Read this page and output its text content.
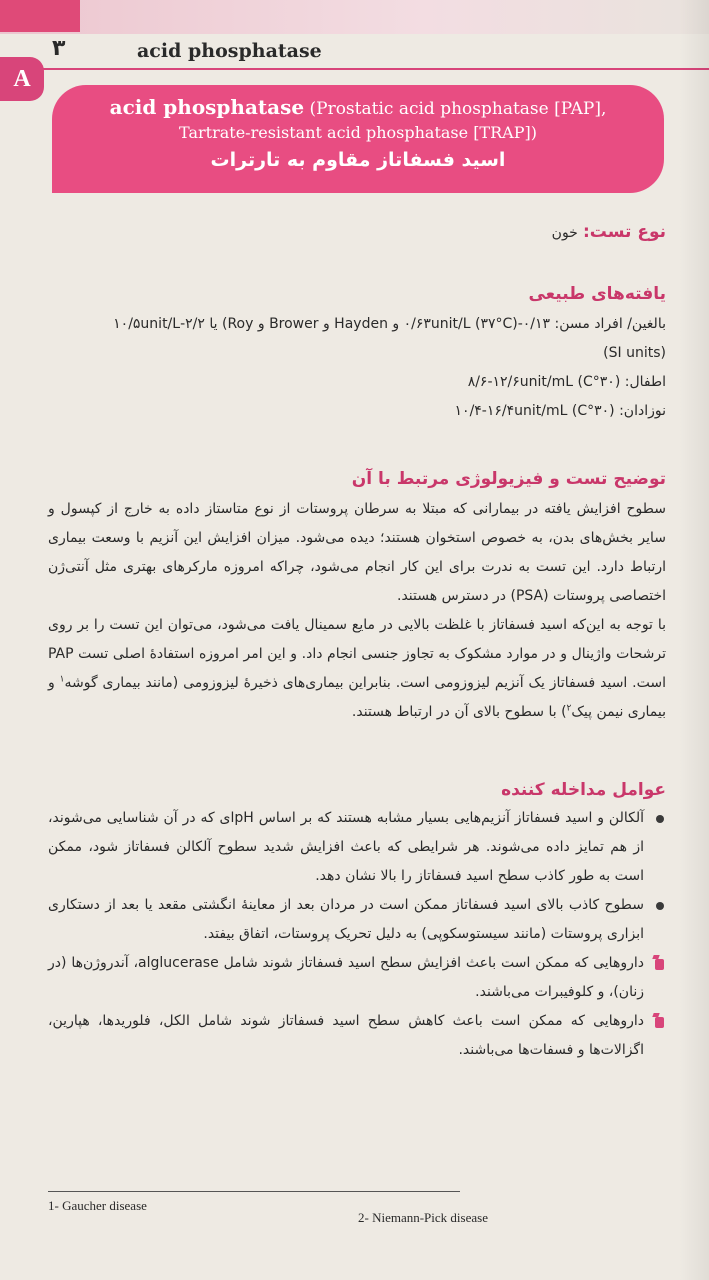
۳	acid phosphatase
A
acid phosphatase (Prostatic acid phosphatase [PAP],
Tartrate-resistant acid phosphatase [TRAP])
اسید فسفاتاز مقاوم به تارترات
نوع تست: خون
یافته‌های طبیعی

بالغین/ افراد مسن: ۰/۱۳-۰/۶۳unit/L (۳۷°C) و Hayden و Brower و Roy) یا ۲/۲-۱۰/۵unit/L

(SI units)

اطفال: (۳۰°C) ۸/۶-۱۲/۶unit/mL

نوزادان: (۳۰°C) ۱۰/۴-۱۶/۴unit/mL

توضیح تست و فیزیولوژی مرتبط با آن

سطوح افزایش یافته در بیمارانی که مبتلا به سرطان پروستات از نوع متاستاز داده به خارج از کپسول و سایر بخش‌های بدن، به خصوص استخوان هستند؛ دیده می‌شود. میزان افزایش این آنزیم با وسعت بیماری ارتباط دارد. این تست به ندرت برای این کار انجام می‌شود، چراکه امروزه مارکرهای بهتری مثل آنتی‌ژن اختصاصی پروستات (PSA) در دسترس هستند.

با توجه به این‌که اسید فسفاتاز با غلظت بالایی در مایع سمینال یافت می‌شود، می‌توان این تست را بر روی ترشحات واژینال و در موارد مشکوک به تجاوز جنسی انجام داد. و این امر امروزه استفادهٔ اصلی تست PAP است. اسید فسفاتاز یک آنزیم لیزوزومی است. بنابراین بیماری‌های ذخیرهٔ لیزوزومی (مانند بیماری گوشه$^۱$ و بیماری نیمن پیک$^۲$) با سطوح بالای آن در ارتباط هستند.

عوامل مداخله کننده
آلکالن و اسید فسفاتاز آنزیم‌هایی بسیار مشابه هستند که بر اساس pHای که در آن شناسایی می‌شوند، از هم تمایز داده می‌شوند. هر شرایطی که باعث افزایش شدید سطوح آلکالن فسفاتاز شود، ممکن است به طور کاذب سطح اسید فسفاتاز را بالا نشان دهد.
سطوح کاذب بالای اسید فسفاتاز ممکن است در مردان بعد از معاینهٔ انگشتی مقعد یا بعد از دستکاری ابزاری پروستات (مانند سیستوسکوپی) به دلیل تحریک پروستات، اتفاق بیفتد.
داروهایی که ممکن است باعث افزایش سطح اسید فسفاتاز شوند شامل alglucerase، آندروژن‌ها (در زنان)، و کلوفیبرات می‌باشند.
داروهایی که ممکن است باعث کاهش سطح اسید فسفاتاز شوند شامل الکل، فلوریدها، هپارین، اگزالات‌ها و فسفات‌ها می‌باشند.
1- Gaucher disease
2- Niemann-Pick disease
